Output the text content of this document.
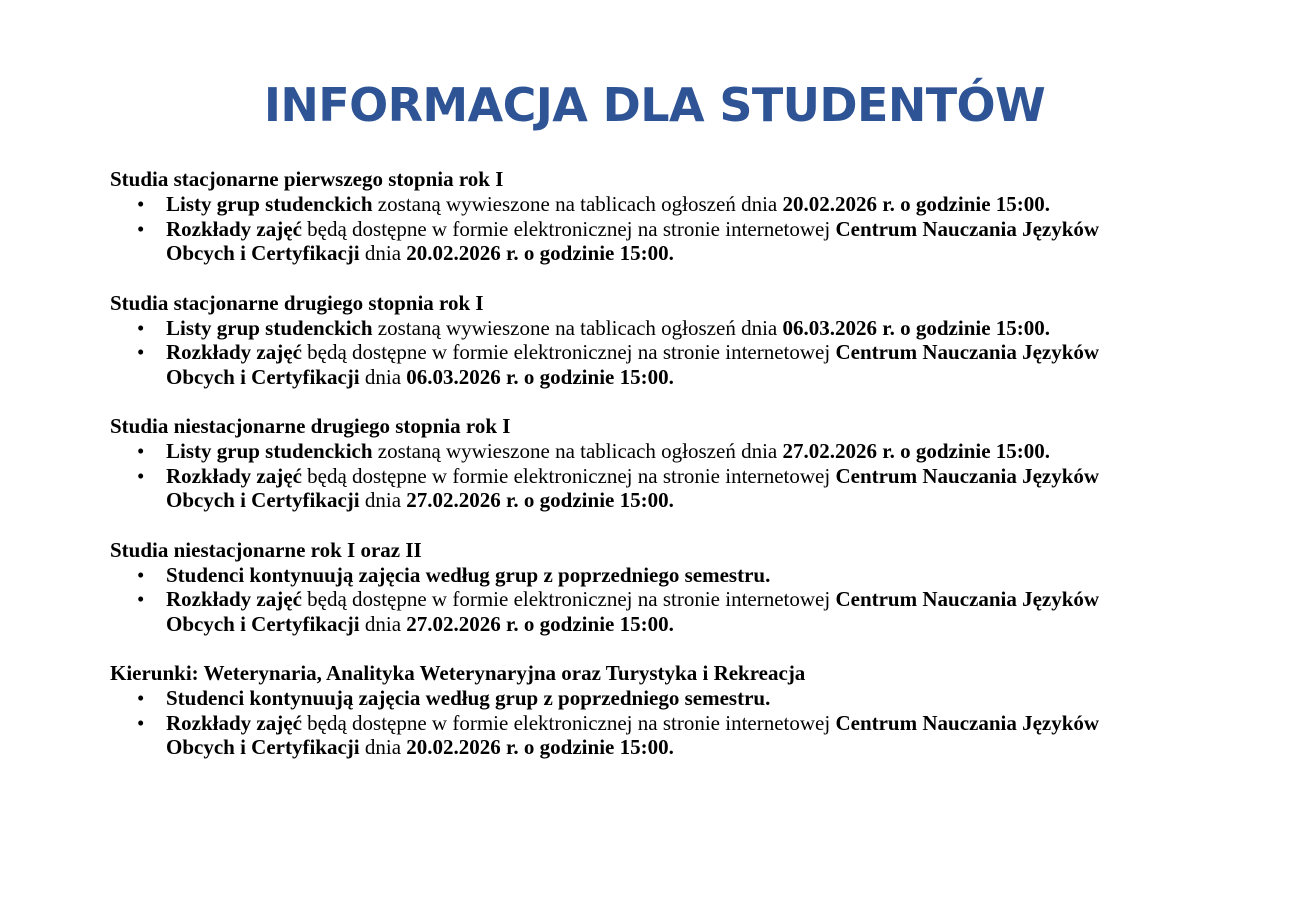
INFORMACJA DLA STUDENTÓW

Studia stacjonarne pierwszego stopnia rok I

• Listy grup studenckich zostaną wywieszone na tablicach ogłoszeń dnia 20.02.2026 r. o godzinie 15:00.
• Rozkłady zajęć będą dostępne w formie elektronicznej na stronie internetowej Centrum Nauczania Języków
Obcych i Certyfikacji dnia 20.02.2026 r. o godzinie 15:00.

Studia stacjonarne drugiego stopnia rok I

• Listy grup studenckich zostaną wywieszone na tablicach ogłoszeń dnia 06.03.2026 r. o godzinie 15:00.
• Rozkłady zajęć będą dostępne w formie elektronicznej na stronie internetowej Centrum Nauczania Języków
Obcych i Certyfikacji dnia 06.03.2026 r. o godzinie 15:00.

Studia niestacjonarne drugiego stopnia rok I

• Listy grup studenckich zostaną wywieszone na tablicach ogłoszeń dnia 27.02.2026 r. o godzinie 15:00.
• Rozkłady zajęć będą dostępne w formie elektronicznej na stronie internetowej Centrum Nauczania Języków
Obcych i Certyfikacji dnia 27.02.2026 r. o godzinie 15:00.

Studia niestacjonarne rok I oraz II

• Studenci kontynuują zajęcia według grup z poprzedniego semestru.
• Rozkłady zajęć będą dostępne w formie elektronicznej na stronie internetowej Centrum Nauczania Języków
Obcych i Certyfikacji dnia 27.02.2026 r. o godzinie 15:00.

Kierunki: Weterynaria, Analityka Weterynaryjna oraz Turystyka i Rekreacja

• Studenci kontynuują zajęcia według grup z poprzedniego semestru.
• Rozkłady zajęć będą dostępne w formie elektronicznej na stronie internetowej Centrum Nauczania Języków
Obcych i Certyfikacji dnia 20.02.2026 r. o godzinie 15:00.
